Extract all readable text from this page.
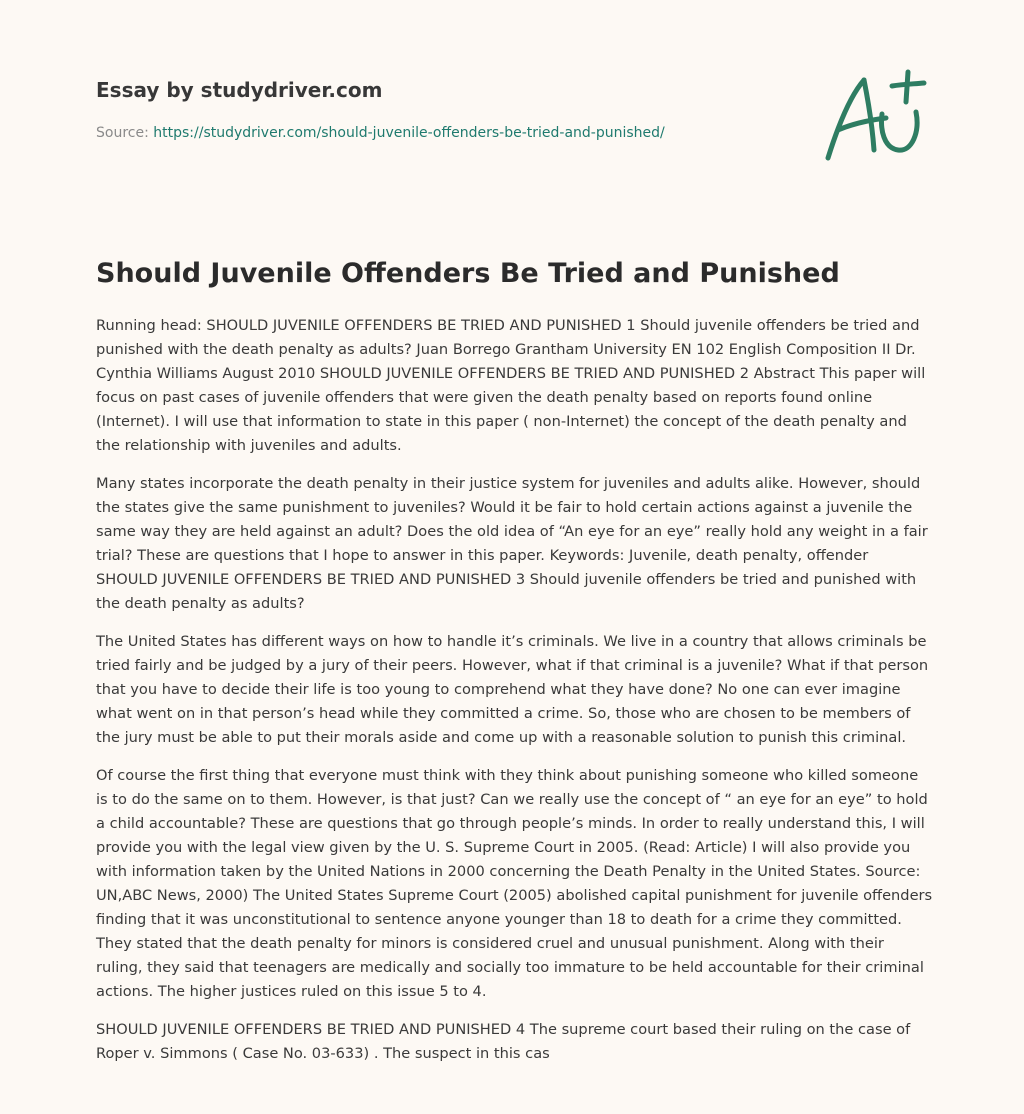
Essay by studydriver.com
Source: https://studydriver.com/should-juvenile-offenders-be-tried-and-punished/
Should Juvenile Offenders Be Tried and Punished

Running head: SHOULD JUVENILE OFFENDERS BE TRIED AND PUNISHED 1 Should juvenile offenders be tried and punished with the death penalty as adults? Juan Borrego Grantham University EN 102 English Composition II Dr. Cynthia Williams August 2010 SHOULD JUVENILE OFFENDERS BE TRIED AND PUNISHED 2 Abstract This paper will focus on past cases of juvenile offenders that were given the death penalty based on reports found online (Internet). I will use that information to state in this paper ( non-Internet) the concept of the death penalty and the relationship with juveniles and adults.

Many states incorporate the death penalty in their justice system for juveniles and adults alike. However, should the states give the same punishment to juveniles? Would it be fair to hold certain actions against a juvenile the same way they are held against an adult? Does the old idea of “An eye for an eye” really hold any weight in a fair trial? These are questions that I hope to answer in this paper. Keywords: Juvenile, death penalty, offender SHOULD JUVENILE OFFENDERS BE TRIED AND PUNISHED 3 Should juvenile offenders be tried and punished with the death penalty as adults?

The United States has different ways on how to handle it’s criminals. We live in a country that allows criminals be tried fairly and be judged by a jury of their peers. However, what if that criminal is a juvenile? What if that person that you have to decide their life is too young to comprehend what they have done? No one can ever imagine what went on in that person’s head while they committed a crime. So, those who are chosen to be members of the jury must be able to put their morals aside and come up with a reasonable solution to punish this criminal.

Of course the first thing that everyone must think with they think about punishing someone who killed someone is to do the same on to them. However, is that just? Can we really use the concept of “ an eye for an eye” to hold a child accountable? These are questions that go through people’s minds. In order to really understand this, I will provide you with the legal view given by the U. S. Supreme Court in 2005. (Read: Article) I will also provide you with information taken by the United Nations in 2000 concerning the Death Penalty in the United States. Source: UN,ABC News, 2000) The United States Supreme Court (2005) abolished capital punishment for juvenile offenders finding that it was unconstitutional to sentence anyone younger than 18 to death for a crime they committed. They stated that the death penalty for minors is considered cruel and unusual punishment. Along with their ruling, they said that teenagers are medically and socially too immature to be held accountable for their criminal actions. The higher justices ruled on this issue 5 to 4.

SHOULD JUVENILE OFFENDERS BE TRIED AND PUNISHED 4 The supreme court based their ruling on the case of Roper v. Simmons ( Case No. 03-633) . The suspect in this cas
